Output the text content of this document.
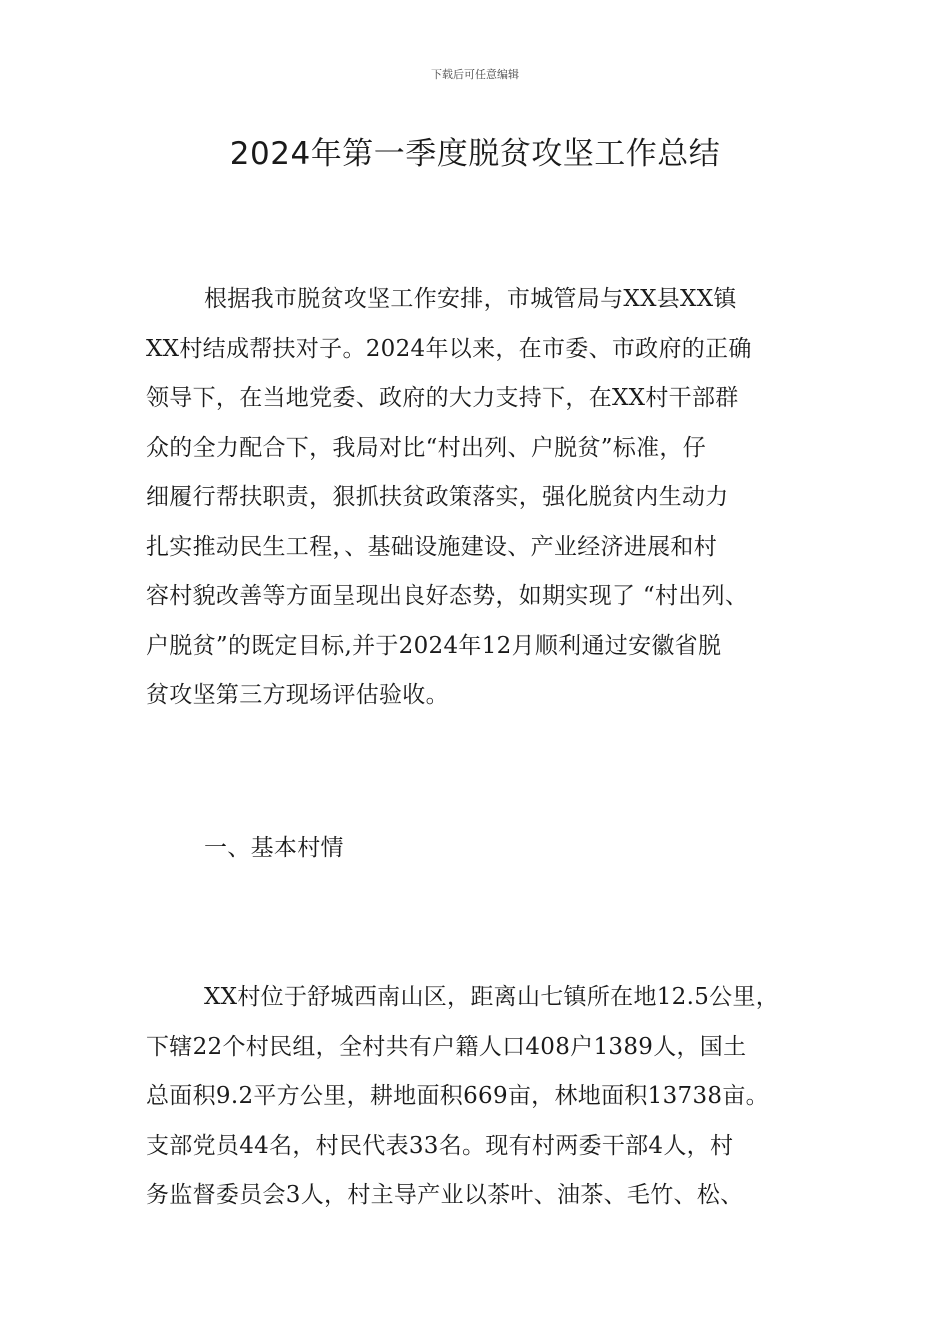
下载后可任意编辑
2024年第一季度脱贫攻坚工作总结
根据我市脱贫攻坚工作安排，市城管局与XX县XX镇
XX村结成帮扶对子。2024年以来，在市委、市政府的正确
领导下，在当地党委、政府的大力支持下，在XX村干部群
众的全力配合下，我局对比“村出列、户脱贫”标准，仔
细履行帮扶职责，狠抓扶贫政策落实，强化脱贫内生动力
扎实推动民生工程，、基础设施建设、产业经济进展和村
容村貌改善等方面呈现出良好态势，如期实现了 “村出列、
户脱贫”的既定目标,并于2024年12月顺利通过安徽省脱
贫攻坚第三方现场评估验收。
一、基本村情
XX村位于舒城西南山区，距离山七镇所在地12.5公里，
下辖22个村民组，全村共有户籍人口408户1389人，国土
总面积9.2平方公里，耕地面积669亩，林地面积13738亩。
支部党员44名，村民代表33名。现有村两委干部4人，村
务监督委员会3人，村主导产业以茶叶、油茶、毛竹、松、
